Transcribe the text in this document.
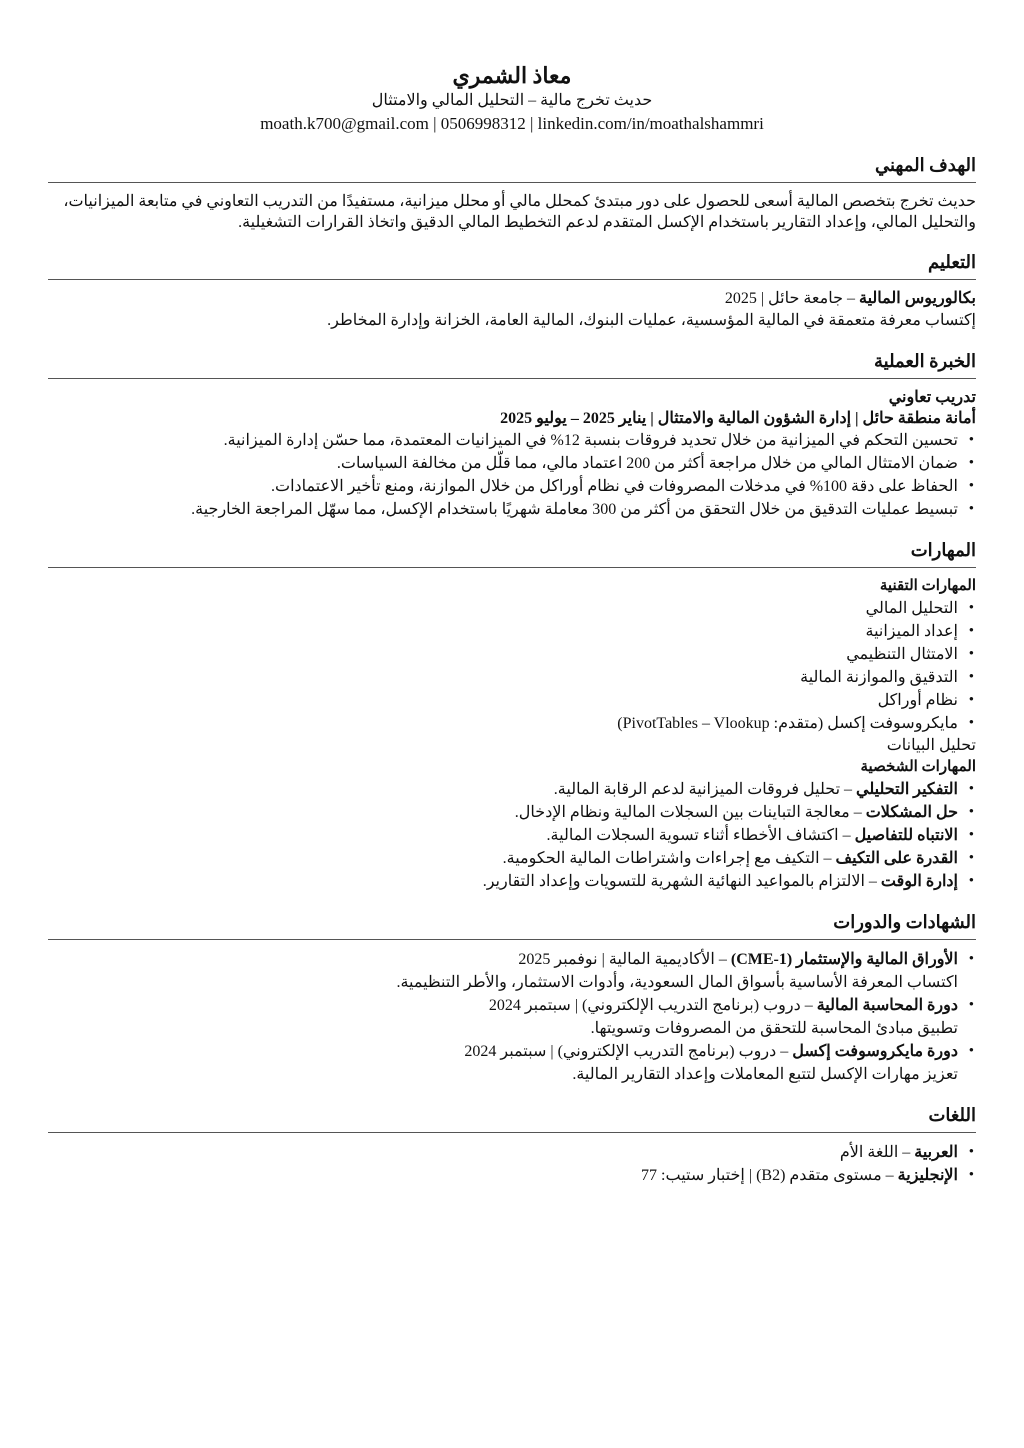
معاذ الشمري
حديث تخرج مالية – التحليل المالي والامتثال
moath.k700@gmail.com | 0506998312 | linkedin.com/in/moathalshammri
الهدف المهني

حديث تخرج بتخصص المالية أسعى للحصول على دور مبتدئ كمحلل مالي أو محلل ميزانية، مستفيدًا من التدريب التعاوني في متابعة الميزانيات، والتحليل المالي، وإعداد التقارير باستخدام الإكسل المتقدم لدعم التخطيط المالي الدقيق واتخاذ القرارات التشغيلية.

التعليم
بكالوريوس المالية – جامعة حائل | 2025
إكتساب معرفة متعمقة في المالية المؤسسية، عمليات البنوك، المالية العامة، الخزانة وإدارة المخاطر.
الخبرة العملية
تدريب تعاوني
أمانة منطقة حائل | إدارة الشؤون المالية والامتثال | يناير 2025 – يوليو 2025
• تحسين التحكم في الميزانية من خلال تحديد فروقات بنسبة 12% في الميزانيات المعتمدة، مما حسّن إدارة الميزانية.
• ضمان الامتثال المالي من خلال مراجعة أكثر من 200 اعتماد مالي، مما قلّل من مخالفة السياسات.
• الحفاظ على دقة 100% في مدخلات المصروفات في نظام أوراكل من خلال الموازنة، ومنع تأخير الاعتمادات.
• تبسيط عمليات التدقيق من خلال التحقق من أكثر من 300 معاملة شهريًا باستخدام الإكسل، مما سهّل المراجعة الخارجية.
المهارات
المهارات التقنية
• التحليل المالي
• إعداد الميزانية
• الامتثال التنظيمي
• التدقيق والموازنة المالية
• نظام أوراكل
• مايكروسوفت إكسل (متقدم: PivotTables – Vlookup)
تحليل البيانات
المهارات الشخصية
• التفكير التحليلي – تحليل فروقات الميزانية لدعم الرقابة المالية.
• حل المشكلات – معالجة التباينات بين السجلات المالية ونظام الإدخال.
• الانتباه للتفاصيل – اكتشاف الأخطاء أثناء تسوية السجلات المالية.
• القدرة على التكيف – التكيف مع إجراءات واشتراطات المالية الحكومية.
• إدارة الوقت – الالتزام بالمواعيد النهائية الشهرية للتسويات وإعداد التقارير.
الشهادات والدورات
• الأوراق المالية والإستثمار (CME-1) – الأكاديمية المالية | نوفمبر 2025
اكتساب المعرفة الأساسية بأسواق المال السعودية، وأدوات الاستثمار، والأطر التنظيمية.
• دورة المحاسبة المالية – دروب (برنامج التدريب الإلكتروني) | سبتمبر 2024
تطبيق مبادئ المحاسبة للتحقق من المصروفات وتسويتها.
• دورة مايكروسوفت إكسل – دروب (برنامج التدريب الإلكتروني) | سبتمبر 2024
تعزيز مهارات الإكسل لتتبع المعاملات وإعداد التقارير المالية.
اللغات
• العربية – اللغة الأم
• الإنجليزية – مستوى متقدم (B2) | إختبار ستيب: 77
